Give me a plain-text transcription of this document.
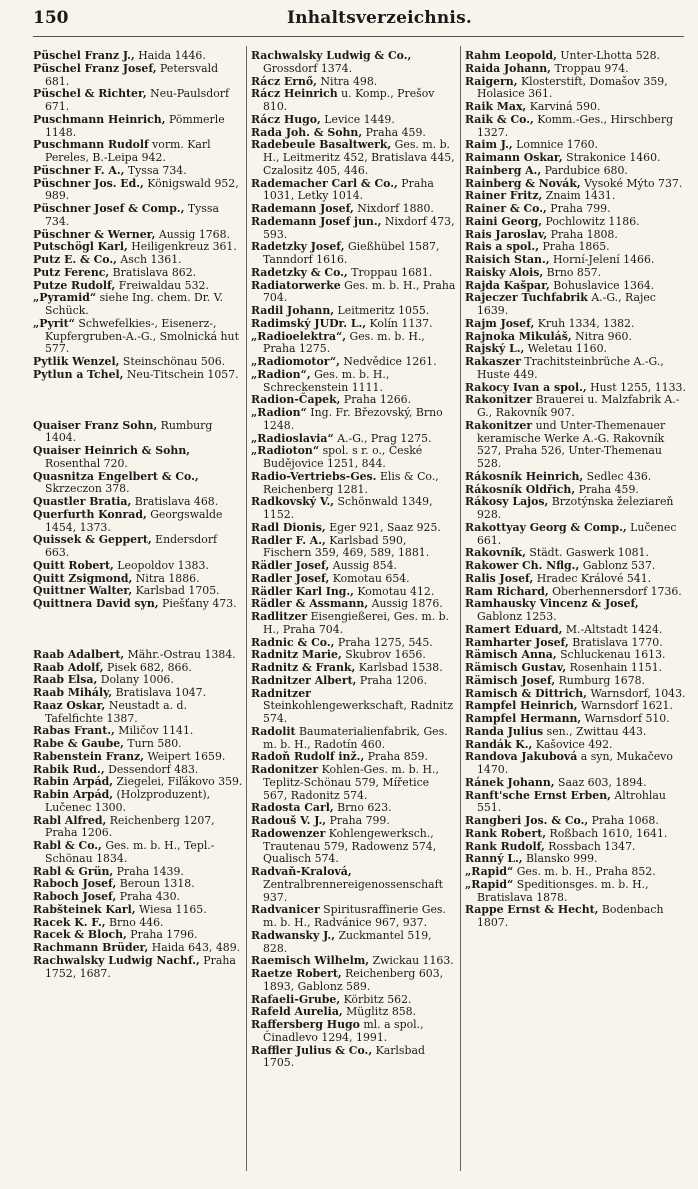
150	Inhaltsverzeichnis.
Püschel Franz J., Haida 1446.
Püschel Franz Josef, Petersvald 681.
Püschel & Richter, Neu-Paulsdorf 671.
Puschmann Heinrich, Pömmerle 1148.
Puschmann Rudolf vorm. Karl Pereles, B.-Leipa 942.
Püschner F. A., Tyssa 734.
Püschner Jos. Ed., Königswald 952, 989.
Püschner Josef & Comp., Tyssa 734.
Püschner & Werner, Aussig 1768.
Putschögl Karl, Heiligenkreuz 361.
Putz E. & Co., Asch 1361.
Putz Ferenc, Bratislava 862.
Putze Rudolf, Freiwaldau 532.
„Pyramid“ siehe Ing. chem. Dr. V. Schück.
„Pyrit“ Schwefelkies-, Eisenerz-, Kupfergruben-A.-G., Smolnická hut 577.
Pytlik Wenzel, Steinschönau 506.
Pytlun a Tchel, Neu-Titschein 1057.
Quaiser Franz Sohn, Rumburg 1404.
Quaiser Heinrich & Sohn, Rosenthal 720.
Quasnitza Engelbert & Co., Skrzeczon 378.
Quastler Bratia, Bratislava 468.
Querfurth Konrad, Georgswalde 1454, 1373.
Quissek & Geppert, Endersdorf 663.
Quitt Robert, Leopoldov 1383.
Quitt Zsigmond, Nitra 1886.
Quittner Walter, Karlsbad 1705.
Quittnera David syn, Piešťany 473.
Raab Adalbert, Mähr.-Ostrau 1384.
Raab Adolf, Pisek 682, 866.
Raab Elsa, Dolany 1006.
Raab Mihály, Bratislava 1047.
Raaz Oskar, Neustadt a. d. Tafelfichte 1387.
Rabas Frant., Miličov 1141.
Rabe & Gaube, Turn 580.
Rabenstein Franz, Weipert 1659.
Rabik Rud., Dessendorf 483.
Rabin Arpád, Ziegelei, Fiľákovo 359.
Rabin Arpád, (Holzproduzent), Lučenec 1300.
Rabl Alfred, Reichenberg 1207, Praha 1206.
Rabl & Co., Ges. m. b. H., Tepl.-Schönau 1834.
Rabl & Grün, Praha 1439.
Raboch Josef, Beroun 1318.
Raboch Josef, Praha 430.
Rabšteinek Karl, Wiesa 1165.
Racek K. F., Brno 446.
Racek & Bloch, Praha 1796.
Rachmann Brüder, Haida 643, 489.
Rachwalsky Ludwig Nachf., Praha 1752, 1687.
Rachwalsky Ludwig & Co., Grossdorf 1374.
Rácz Ernő, Nitra 498.
Rácz Heinrich u. Komp., Prešov 810.
Rácz Hugo, Levice 1449.
Rada Joh. & Sohn, Praha 459.
Radebeule Basaltwerk, Ges. m. b. H., Leitmeritz 452, Bratislava 445, Czalositz 405, 446.
Rademacher Carl & Co., Praha 1031, Letky 1014.
Rademann Josef, Nixdorf 1880.
Rademann Josef jun., Nixdorf 473, 593.
Radetzky Josef, Gießhübel 1587, Tanndorf 1616.
Radetzky & Co., Troppau 1681.
Radiatorwerke Ges. m. b. H., Praha 704.
Radil Johann, Leitmeritz 1055.
Radimský JUDr. L., Kolín 1137.
„Radioelektra“, Ges. m. b. H., Praha 1275.
„Radiomotor“, Nedvědice 1261.
„Radion“, Ges. m. b. H., Schreckenstein 1111.
Radion-Čapek, Praha 1266.
„Radion“ Ing. Fr. Březovský, Brno 1248.
„Radioslavia“ A.-G., Prag 1275.
„Radioton“ spol. s r. o., České Budějovice 1251, 844.
Radio-Vertriebs-Ges. Elis & Co., Reichenberg 1281.
Radkovský V., Schönwald 1349, 1152.
Radl Dionis, Eger 921, Saaz 925.
Radler F. A., Karlsbad 590, Fischern 359, 469, 589, 1881.
Rädler Josef, Aussig 854.
Radler Josef, Komotau 654.
Rädler Karl Ing., Komotau 412.
Rädler & Assmann, Aussig 1876.
Radlitzer Eisengießerei, Ges. m. b. H., Praha 704.
Radnic & Co., Praha 1275, 545.
Radnitz Marie, Skubrov 1656.
Radnitz & Frank, Karlsbad 1538.
Radnitzer Albert, Praha 1206.
Radnitzer Steinkohlengewerkschaft, Radnitz 574.
Radolit Baumaterialienfabrik, Ges. m. b. H., Radotín 460.
Radoň Rudolf inž., Praha 859.
Radonitzer Kohlen-Ges. m. b. H., Teplitz-Schönau 579, Mířetice 567, Radonitz 574.
Radosta Carl, Brno 623.
Radouš V. J., Praha 799.
Radowenzer Kohlengewerksch., Trautenau 579, Radowenz 574, Qualisch 574.
Radvaň-Kralová, Zentralbrennereigenossenschaft 937.
Radvanicer Spiritusraffinerie Ges. m. b. H., Radvánice 967, 937.
Radwansky J., Zuckmantel 519, 828.
Raemisch Wilhelm, Zwickau 1163.
Raetze Robert, Reichenberg 603, 1893, Gablonz 589.
Rafaeli-Grube, Körbitz 562.
Rafeld Aurelia, Müglitz 858.
Raffersberg Hugo ml. a spol., Činadlevo 1294, 1991.
Raffler Julius & Co., Karlsbad 1705.
Rahm Leopold, Unter-Lhotta 528.
Raida Johann, Troppau 974.
Raigern, Klosterstift, Domašov 359, Holasice 361.
Raik Max, Karviná 590.
Raik & Co., Komm.-Ges., Hirschberg 1327.
Raim J., Lomnice 1760.
Raimann Oskar, Strakonice 1460.
Rainberg A., Pardubice 680.
Rainberg & Novák, Vysoké Mýto 737.
Rainer Fritz, Znaim 1431.
Rainer & Co., Praha 799.
Raini Georg, Pochlowitz 1186.
Rais Jaroslav, Praha 1808.
Rais a spol., Praha 1865.
Raisich Stan., Horní-Jelení 1466.
Raisky Alois, Brno 857.
Rajda Kašpar, Bohuslavice 1364.
Rajeczer Tuchfabrik A.-G., Rajec 1639.
Rajm Josef, Kruh 1334, 1382.
Rajnoka Mikuláš, Nitra 960.
Rajský L., Weletau 1160.
Rakaszer Trachitsteinbrüche A.-G., Huste 449.
Rakocy Ivan a spol., Hust 1255, 1133.
Rakonitzer Brauerei u. Malzfabrik A.-G., Rakovník 907.
Rakonitzer und Unter-Themenauer keramische Werke A.-G. Rakovník 527, Praha 526, Unter-Themenau 528.
Rákosník Heinrich, Sedlec 436.
Rákosník Oldřich, Praha 459.
Rákosy Lajos, Brzotýnska železiareň 928.
Rakottyay Georg & Comp., Lučenec 661.
Rakovník, Städt. Gaswerk 1081.
Rakower Ch. Nflg., Gablonz 537.
Ralis Josef, Hradec Králové 541.
Ram Richard, Oberhennersdorf 1736.
Ramhausky Vincenz & Josef, Gablonz 1253.
Ramert Eduard, M.-Altstadt 1424.
Ramharter Josef, Bratislava 1770.
Rämisch Anna, Schluckenau 1613.
Rämisch Gustav, Rosenhain 1151.
Rämisch Josef, Rumburg 1678.
Ramisch & Dittrich, Warnsdorf, 1043.
Rampfel Heinrich, Warnsdorf 1621.
Rampfel Hermann, Warnsdorf 510.
Randa Julius sen., Zwittau 443.
Randák K., Kašovice 492.
Randova Jakubová a syn, Mukačevo 1470.
Ránek Johann, Saaz 603, 1894.
Ranft'sche Ernst Erben, Altrohlau 551.
Rangberi Jos. & Co., Praha 1068.
Rank Robert, Roßbach 1610, 1641.
Rank Rudolf, Rossbach 1347.
Ranný L., Blansko 999.
„Rapid“ Ges. m. b. H., Praha 852.
„Rapid“ Speditionsges. m. b. H., Bratislava 1878.
Rappe Ernst & Hecht, Bodenbach 1807.
